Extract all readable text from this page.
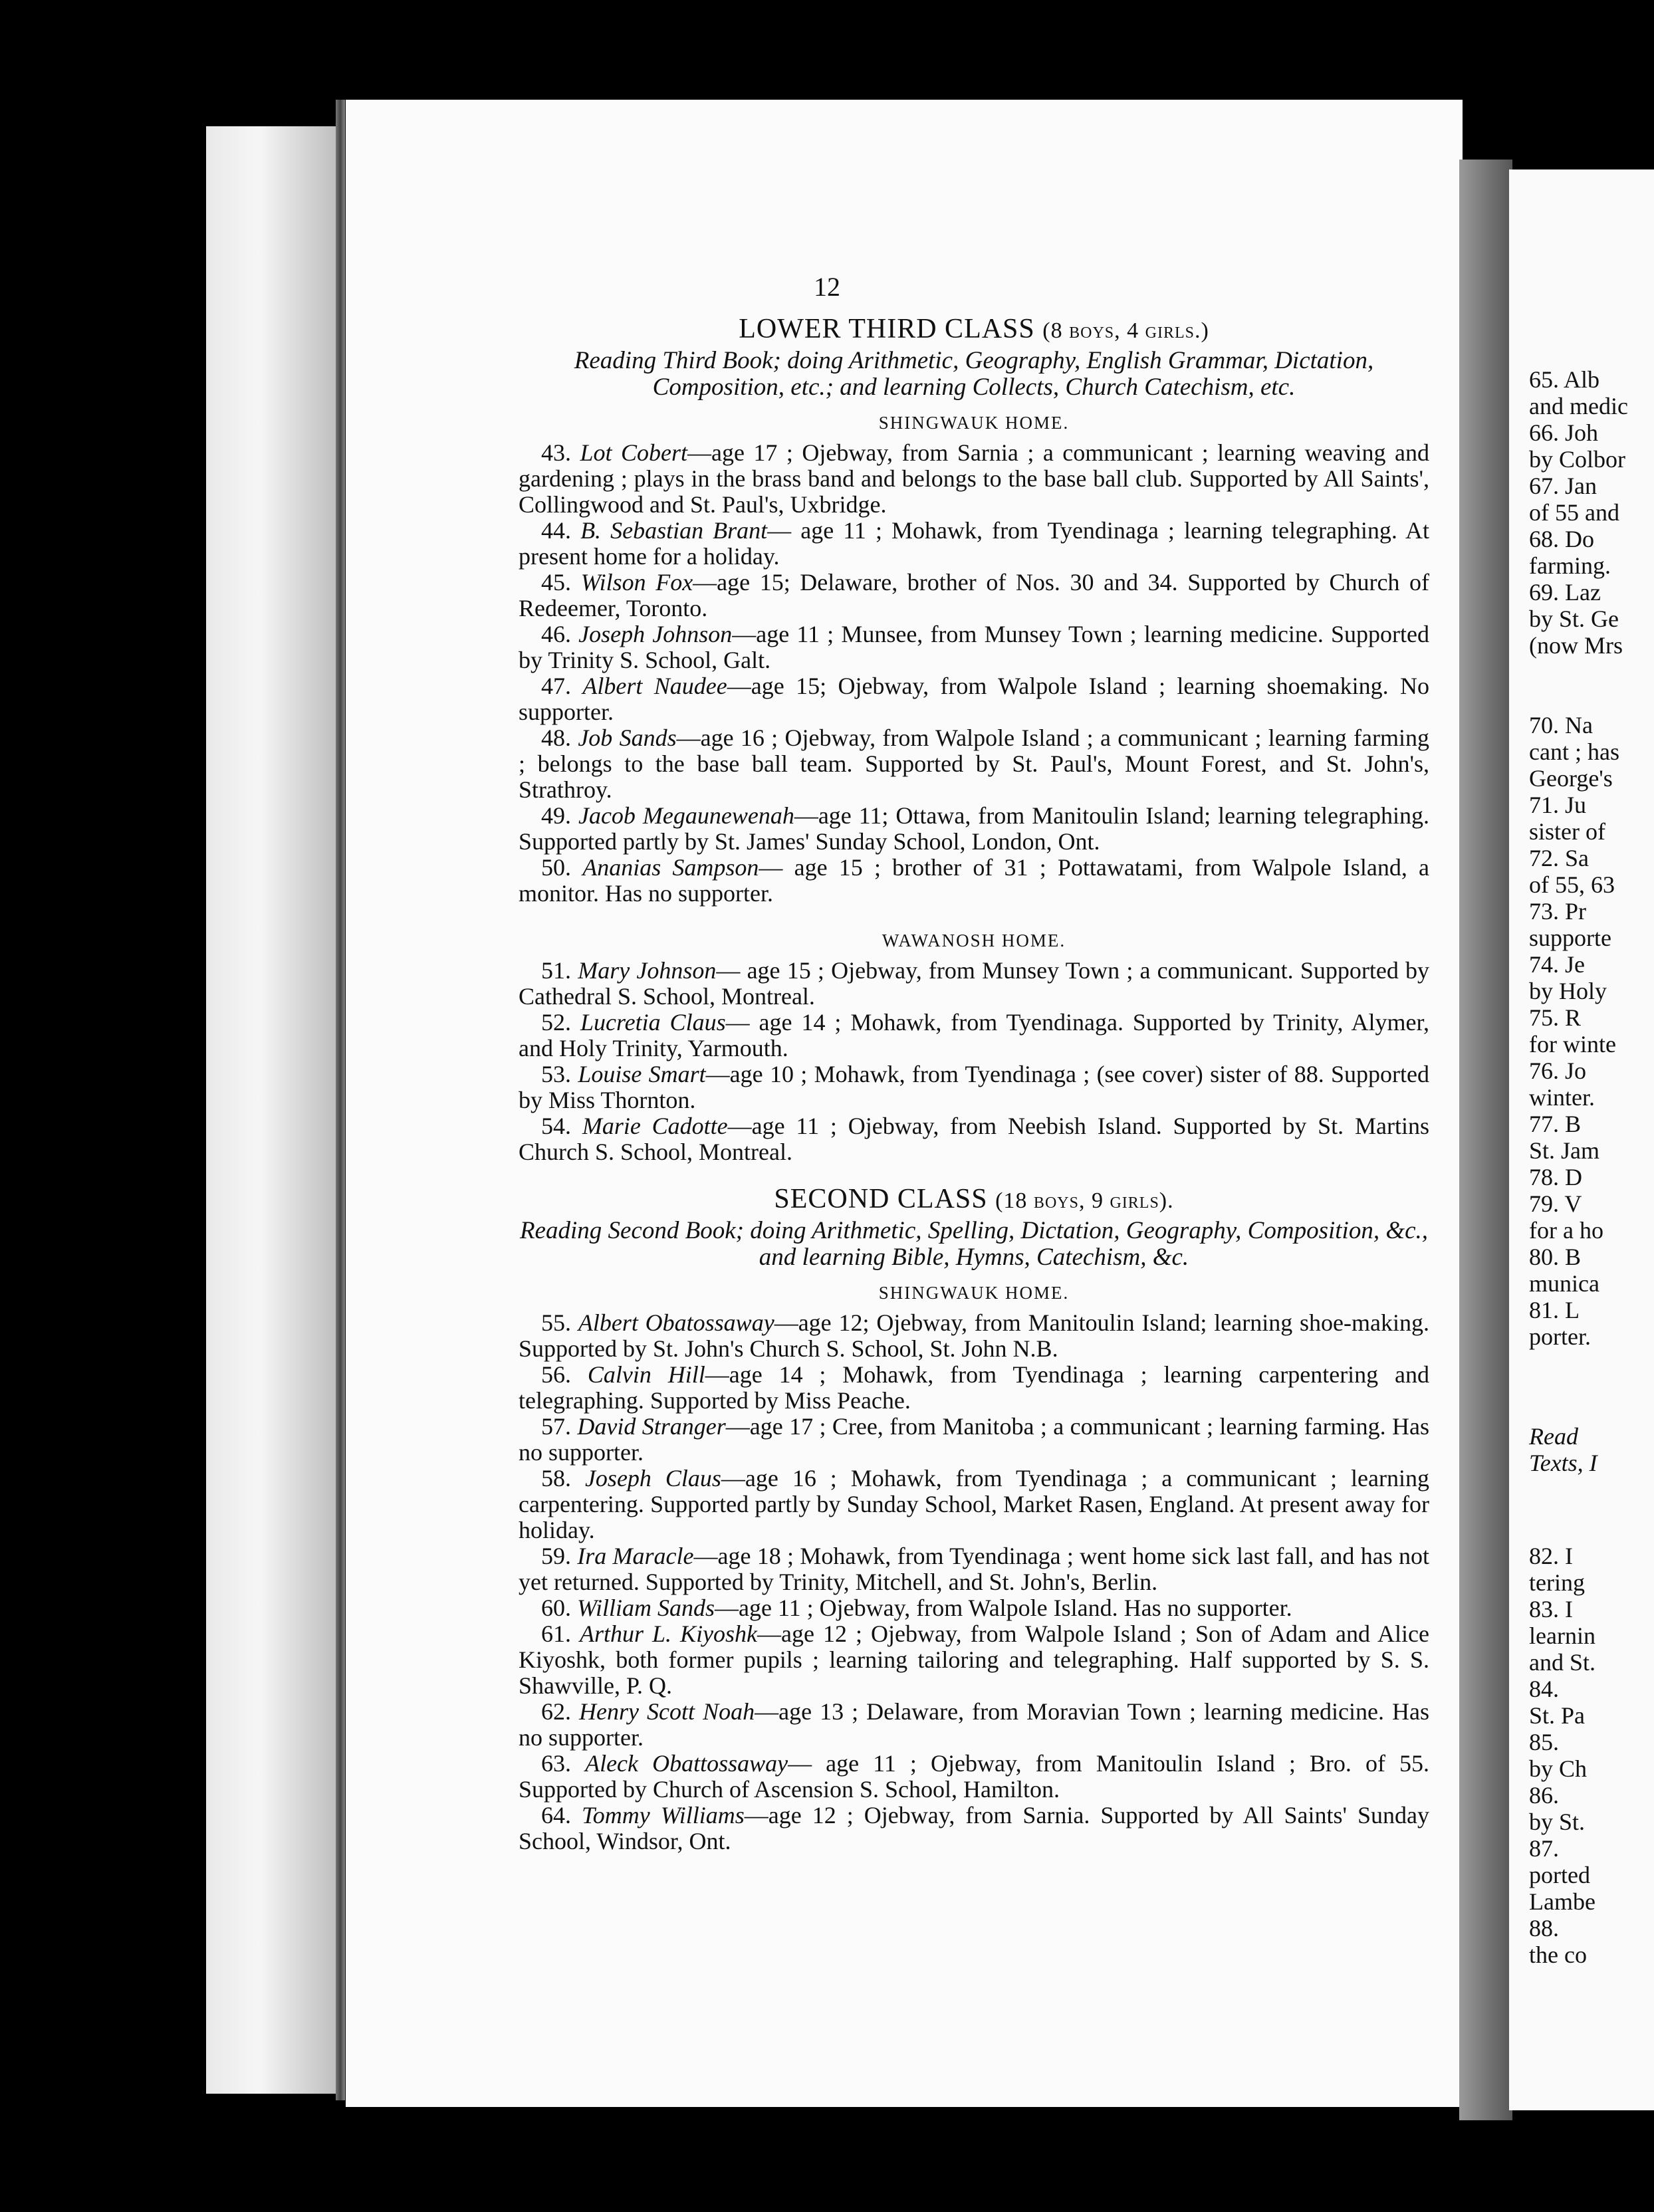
65. Alb
and medic
66. Joh
by Colbor
67. Jan
of 55 and
68. Do
farming.
69. Laz
by St. Ge
(now Mrs
70. Na
cant ; has
George's
71. Ju
sister of
72. Sa
of 55, 63
73. Pr
supporte
74. Je
by Holy
75. R
for winte
76. Jo
winter.
77. B
St. Jam
78. D
79. V
for a ho
80. B
munica
81. L
porter.
Read
Texts, I
82. I
tering
83. I
learnin
and St.
84.
St. Pa
85.
by Ch
86.
by St.
87.
ported
Lambe
88.
the co
12
LOWER THIRD CLASS (8 boys, 4 girls.)
Reading Third Book; doing Arithmetic, Geography, English Grammar, Dictation, Composition, etc.; and learning Collects, Church Catechism, etc.
SHINGWAUK HOME.

43. Lot Cobert—age 17 ; Ojebway, from Sarnia ; a communicant ; learning weaving and gardening ; plays in the brass band and belongs to the base ball club. Supported by All Saints', Collingwood and St. Paul's, Uxbridge.

44. B. Sebastian Brant— age 11 ; Mohawk, from Tyendinaga ; learning telegraphing. At present home for a holiday.

45. Wilson Fox—age 15; Delaware, brother of Nos. 30 and 34. Supported by Church of Redeemer, Toronto.

46. Joseph Johnson—age 11 ; Munsee, from Munsey Town ; learning medicine. Supported by Trinity S. School, Galt.

47. Albert Naudee—age 15; Ojebway, from Walpole Island ; learning shoemaking. No supporter.

48. Job Sands—age 16 ; Ojebway, from Walpole Island ; a communicant ; learning farming ; belongs to the base ball team. Supported by St. Paul's, Mount Forest, and St. John's, Strathroy.

49. Jacob Megaunewenah—age 11; Ottawa, from Manitoulin Island; learning telegraphing. Supported partly by St. James' Sunday School, London, Ont.

50. Ananias Sampson— age 15 ; brother of 31 ; Pottawatami, from Walpole Island, a monitor. Has no supporter.

WAWANOSH HOME.

51. Mary Johnson— age 15 ; Ojebway, from Munsey Town ; a communicant. Supported by Cathedral S. School, Montreal.

52. Lucretia Claus— age 14 ; Mohawk, from Tyendinaga. Supported by Trinity, Alymer, and Holy Trinity, Yarmouth.

53. Louise Smart—age 10 ; Mohawk, from Tyendinaga ; (see cover) sister of 88. Supported by Miss Thornton.

54. Marie Cadotte—age 11 ; Ojebway, from Neebish Island. Supported by St. Martins Church S. School, Montreal.

SECOND CLASS (18 boys, 9 girls).
Reading Second Book; doing Arithmetic, Spelling, Dictation, Geography, Composition, &c., and learning Bible, Hymns, Catechism, &c.
SHINGWAUK HOME.

55. Albert Obatossaway—age 12; Ojebway, from Manitoulin Island; learning shoe-making. Supported by St. John's Church S. School, St. John N.B.

56. Calvin Hill—age 14 ; Mohawk, from Tyendinaga ; learning carpentering and telegraphing. Supported by Miss Peache.

57. David Stranger—age 17 ; Cree, from Manitoba ; a communicant ; learning farming. Has no supporter.

58. Joseph Claus—age 16 ; Mohawk, from Tyendinaga ; a communicant ; learning carpentering. Supported partly by Sunday School, Market Rasen, England. At present away for holiday.

59. Ira Maracle—age 18 ; Mohawk, from Tyendinaga ; went home sick last fall, and has not yet returned. Supported by Trinity, Mitchell, and St. John's, Berlin.

60. William Sands—age 11 ; Ojebway, from Walpole Island. Has no supporter.

61. Arthur L. Kiyoshk—age 12 ; Ojebway, from Walpole Island ; Son of Adam and Alice Kiyoshk, both former pupils ; learning tailoring and telegraphing. Half supported by S. S. Shawville, P. Q.

62. Henry Scott Noah—age 13 ; Delaware, from Moravian Town ; learning medicine. Has no supporter.

63. Aleck Obattossaway— age 11 ; Ojebway, from Manitoulin Island ; Bro. of 55. Supported by Church of Ascension S. School, Hamilton.

64. Tommy Williams—age 12 ; Ojebway, from Sarnia. Supported by All Saints' Sunday School, Windsor, Ont.
